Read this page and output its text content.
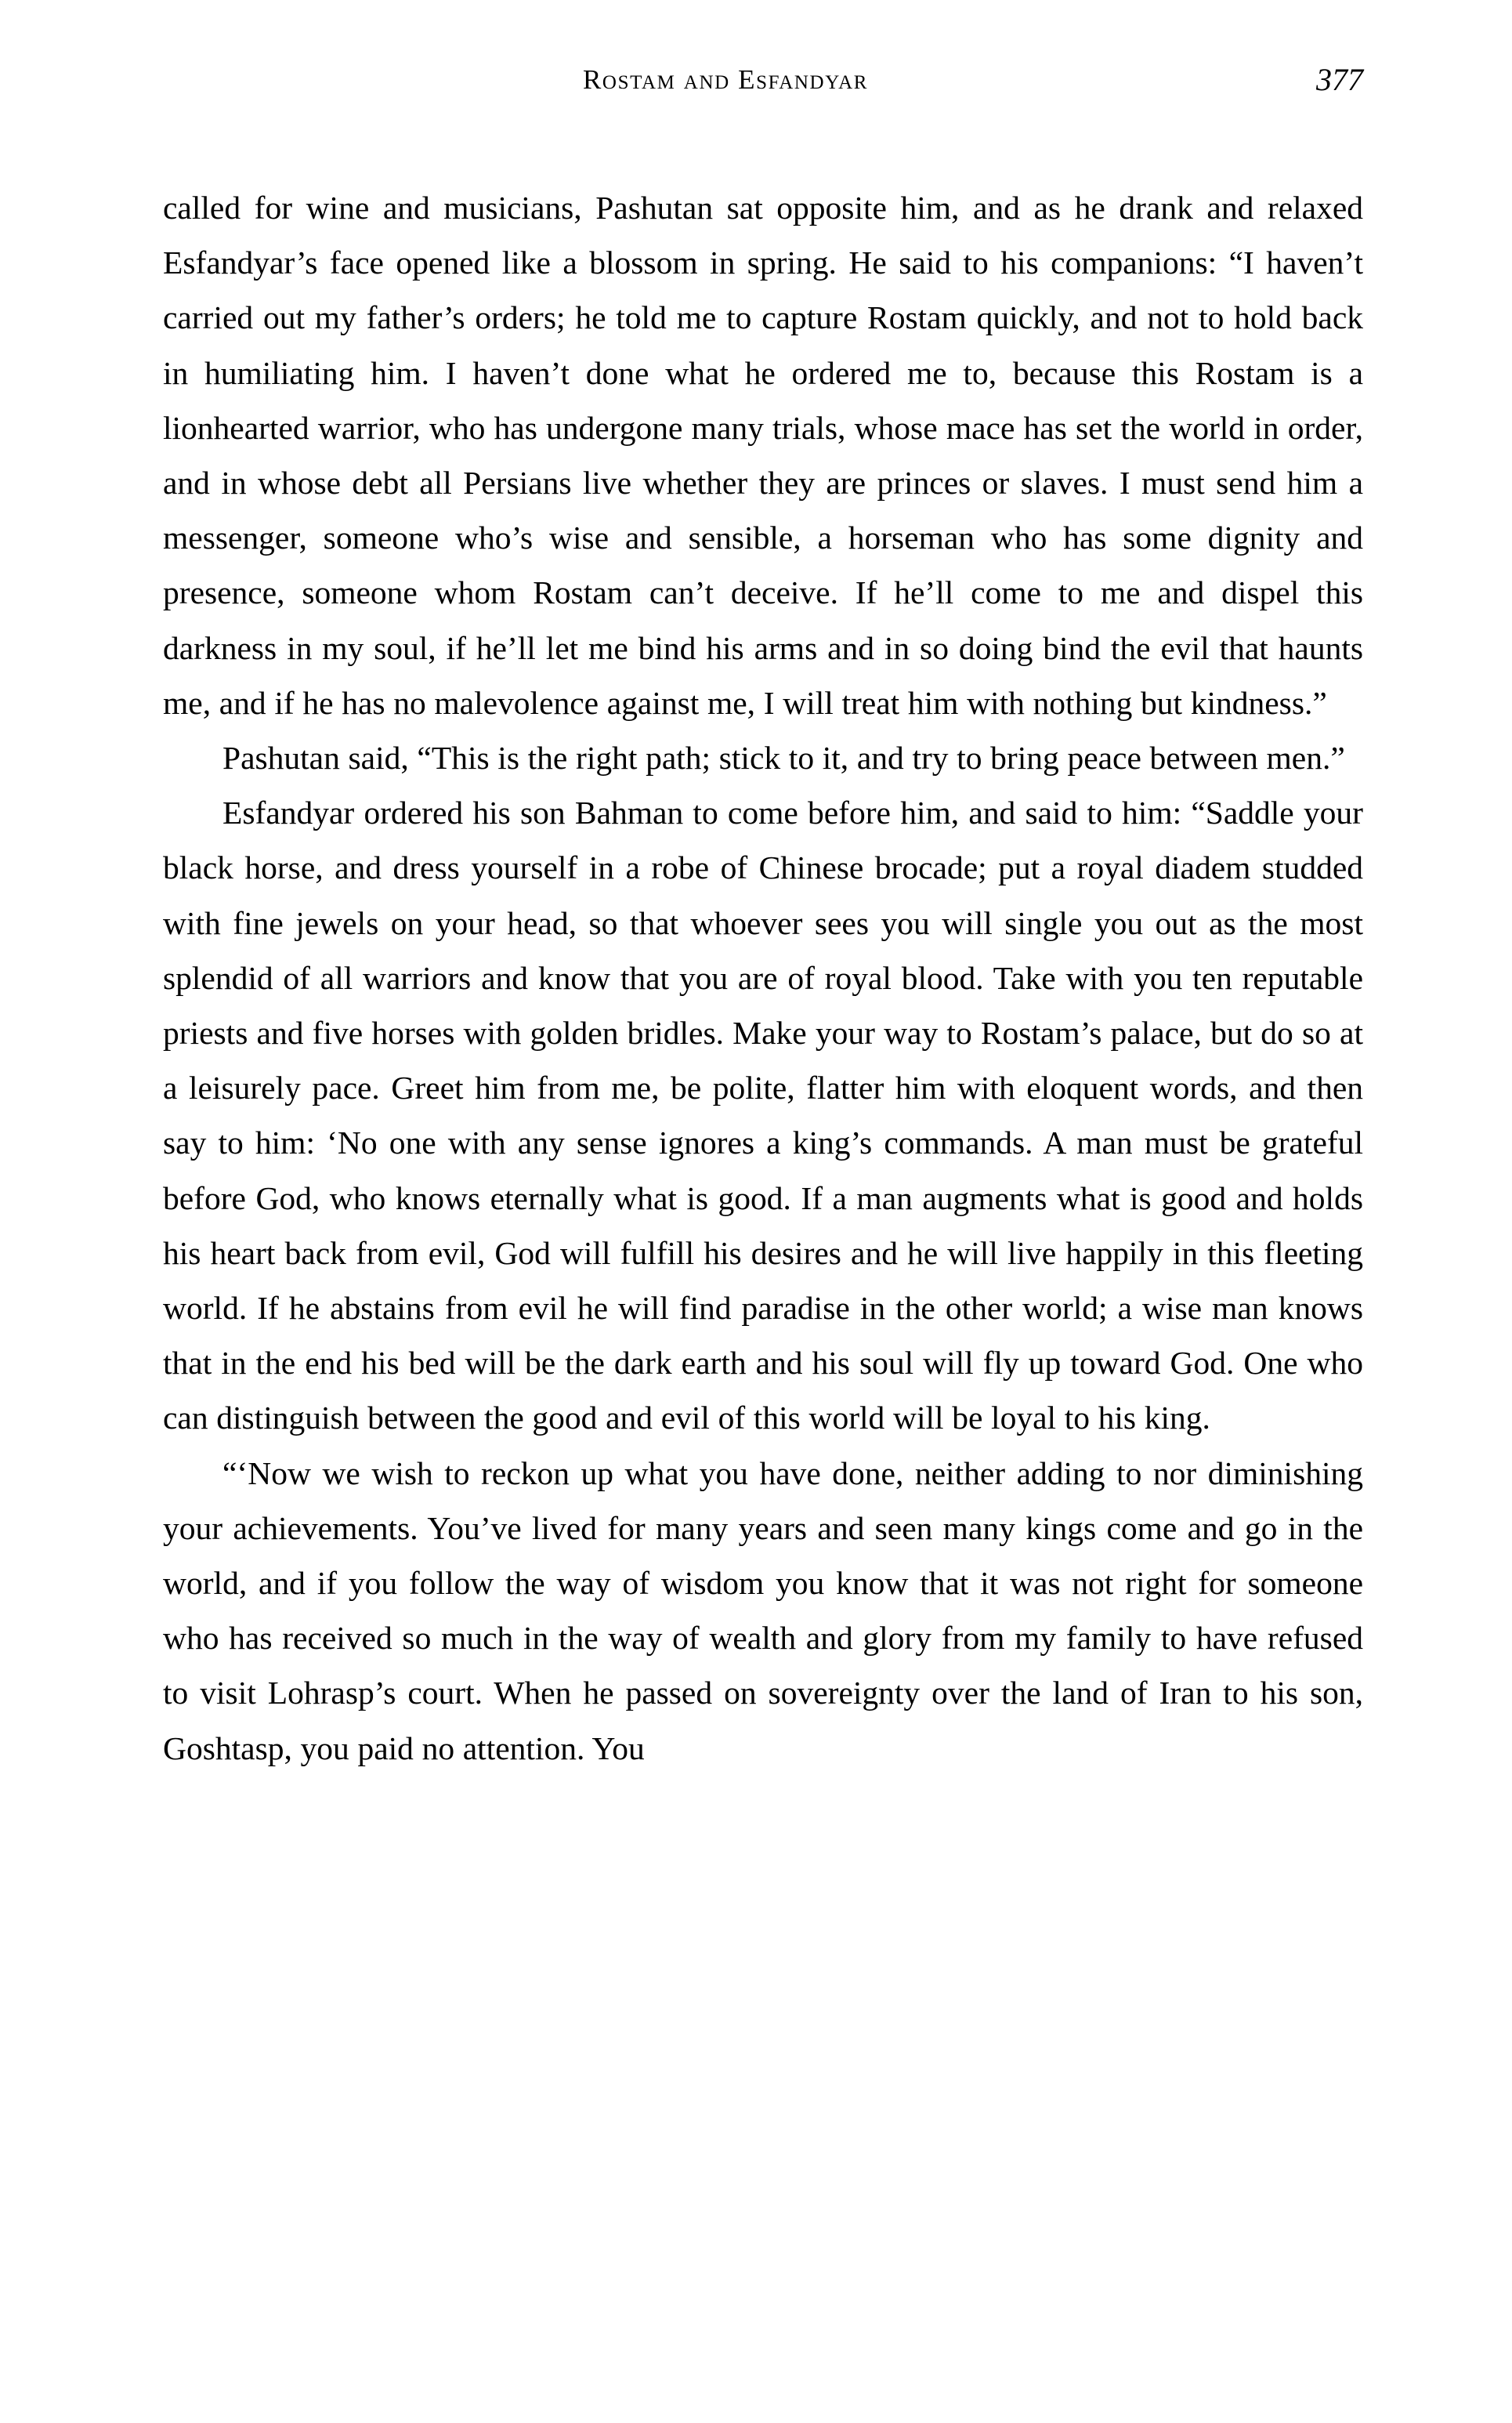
Rostam and Esfandyar	377

called for wine and musicians, Pashutan sat opposite him, and as he drank and relaxed Esfandyar’s face opened like a blossom in spring. He said to his companions: “I haven’t carried out my father’s orders; he told me to capture Rostam quickly, and not to hold back in humiliating him. I haven’t done what he ordered me to, because this Rostam is a lionhearted warrior, who has undergone many trials, whose mace has set the world in order, and in whose debt all Persians live whether they are princes or slaves. I must send him a messenger, someone who’s wise and sensible, a horseman who has some dignity and presence, someone whom Rostam can’t deceive. If he’ll come to me and dispel this darkness in my soul, if he’ll let me bind his arms and in so doing bind the evil that haunts me, and if he has no malevolence against me, I will treat him with nothing but kindness.”

Pashutan said, “This is the right path; stick to it, and try to bring peace between men.”

Esfandyar ordered his son Bahman to come before him, and said to him: “Saddle your black horse, and dress yourself in a robe of Chinese brocade; put a royal diadem studded with fine jewels on your head, so that whoever sees you will single you out as the most splendid of all warriors and know that you are of royal blood. Take with you ten reputable priests and five horses with golden bridles. Make your way to Rostam’s palace, but do so at a leisurely pace. Greet him from me, be polite, flatter him with eloquent words, and then say to him: ‘No one with any sense ignores a king’s commands. A man must be grateful before God, who knows eternally what is good. If a man augments what is good and holds his heart back from evil, God will fulfill his desires and he will live happily in this fleeting world. If he abstains from evil he will find paradise in the other world; a wise man knows that in the end his bed will be the dark earth and his soul will fly up toward God. One who can distinguish between the good and evil of this world will be loyal to his king.

“‘Now we wish to reckon up what you have done, neither adding to nor diminishing your achievements. You’ve lived for many years and seen many kings come and go in the world, and if you follow the way of wisdom you know that it was not right for someone who has received so much in the way of wealth and glory from my family to have refused to visit Lohrasp’s court. When he passed on sovereignty over the land of Iran to his son, Goshtasp, you paid no attention. You
